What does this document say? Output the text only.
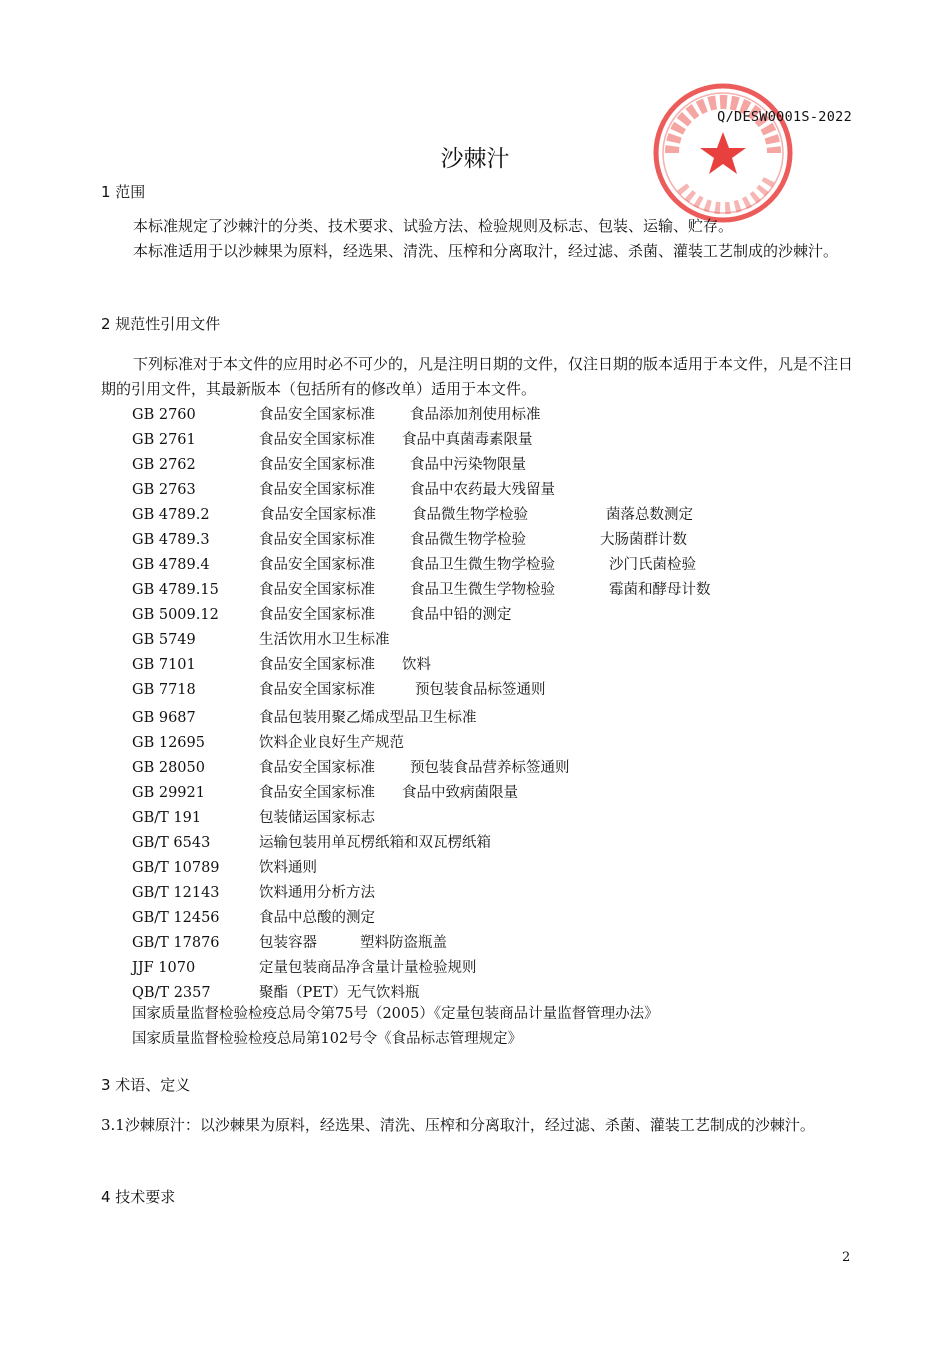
Q/DESW0001S-2022
沙棘汁
1 范围
本标准规定了沙棘汁的分类、技术要求、试验方法、检验规则及标志、包装、运输、贮存。
本标准适用于以沙棘果为原料，经选果、清洗、压榨和分离取汁，经过滤、杀菌、灌装工艺制成的沙棘汁。
2 规范性引用文件
下列标准对于本文件的应用时必不可少的，凡是注明日期的文件，仅注日期的版本适用于本文件，凡是不注日期的引用文件，其最新版本（包括所有的修改单）适用于本文件。
GB 2760	食品安全国家标准 食品添加剂使用标准
GB 2761	食品安全国家标准 食品中真菌毒素限量
GB 2762	食品安全国家标准 食品中污染物限量
GB 2763	食品安全国家标准 食品中农药最大残留量
GB 4789.2	食品安全国家标准 食品微生物学检验	菌落总数测定
GB 4789.3	食品安全国家标准 食品微生物学检验	大肠菌群计数
GB 4789.4	食品安全国家标准 食品卫生微生物学检验	沙门氏菌检验
GB 4789.15	食品安全国家标准 食品卫生微生学物检验	霉菌和酵母计数
GB 5009.12	食品安全国家标准 食品中铅的测定
GB 5749	生活饮用水卫生标准
GB 7101	食品安全国家标准 饮料
GB 7718	食品安全国家标准	预包装食品标签通则
GB 9687	食品包装用聚乙烯成型品卫生标准
GB 12695	饮料企业良好生产规范
GB 28050	食品安全国家标准 预包装食品营养标签通则
GB 29921	食品安全国家标准 食品中致病菌限量
GB/T 191	包装储运国家标志
GB/T 6543	运输包装用单瓦楞纸箱和双瓦楞纸箱
GB/T 10789	饮料通则
GB/T 12143	饮料通用分析方法
GB/T 12456	食品中总酸的测定
GB/T 17876	包装容器	塑料防盗瓶盖
JJF 1070	定量包装商品净含量计量检验规则
QB/T 2357	聚酯（PET）无气饮料瓶
国家质量监督检验检疫总局令第75号（2005）《定量包装商品计量监督管理办法》
国家质量监督检验检疫总局第102号令《食品标志管理规定》
3 术语、定义
3.1沙棘原汁：以沙棘果为原料，经选果、清洗、压榨和分离取汁，经过滤、杀菌、灌装工艺制成的沙棘汁。
4 技术要求
2
